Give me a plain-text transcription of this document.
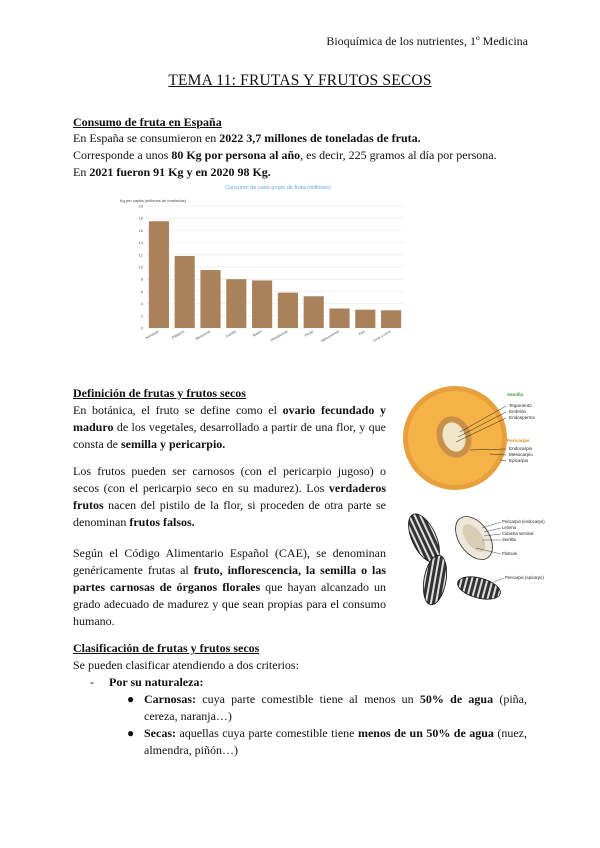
Bioquímica de los nutrientes, 1º Medicina
TEMA 11: FRUTAS Y FRUTOS SECOS
Consumo de fruta en España
En España se consumieron en 2022 3,7 millones de toneladas de fruta.
Corresponde a unos 80 Kg por persona al año, es decir, 225 gramos al día por persona.
En 2021 fueron 91 Kg y en 2020 98 Kg.
Consumo de cada grupo de fruta (millones)
Kg per cápita (millones de toneladas)
0
2
4
6
8
10
12
14
16
18
20
Naranjas	Plátanos	Manzanas	Sandía	Melón Mandarinas	Peras Melocotones	Kiwi Uvas y otros
Definición de frutas y frutos secos
En botánica, el fruto se define como el ovario fecundado y maduro de los vegetales, desarrollado a partir de una flor, y que consta de semilla y pericarpio.
Los frutos pueden ser carnosos (con el pericarpio jugoso) o secos (con el pericarpio seco en su madurez). Los verdaderos frutos nacen del pistilo de la flor, si proceden de otra parte se denominan frutos falsos.
Según el Código Alimentario Español (CAE), se denominan genéricamente frutas al fruto, inflorescencia, la semilla o las partes carnosas de órganos florales que hayan alcanzado un grado adecuado de madurez y que sean propias para el consumo humano.
Semilla
Tegumento
Embrión
Endospermo
Pericarpio
Endocarpio
Mesocarpio
Epicarpio
Pericarpio (endocarpo)
Lemma
Cubierta seminal
Semilla
Plumule
Pericarpio (epicarpo)
Clasificación de frutas y frutos secos
Se pueden clasificar atendiendo a dos criterios:
- Por su naturaleza:
● Carnosas: cuya parte comestible tiene al menos un 50% de agua (piña, cereza, naranja…)
● Secas: aquellas cuya parte comestible tiene menos de un 50% de agua (nuez, almendra, piñón…)
